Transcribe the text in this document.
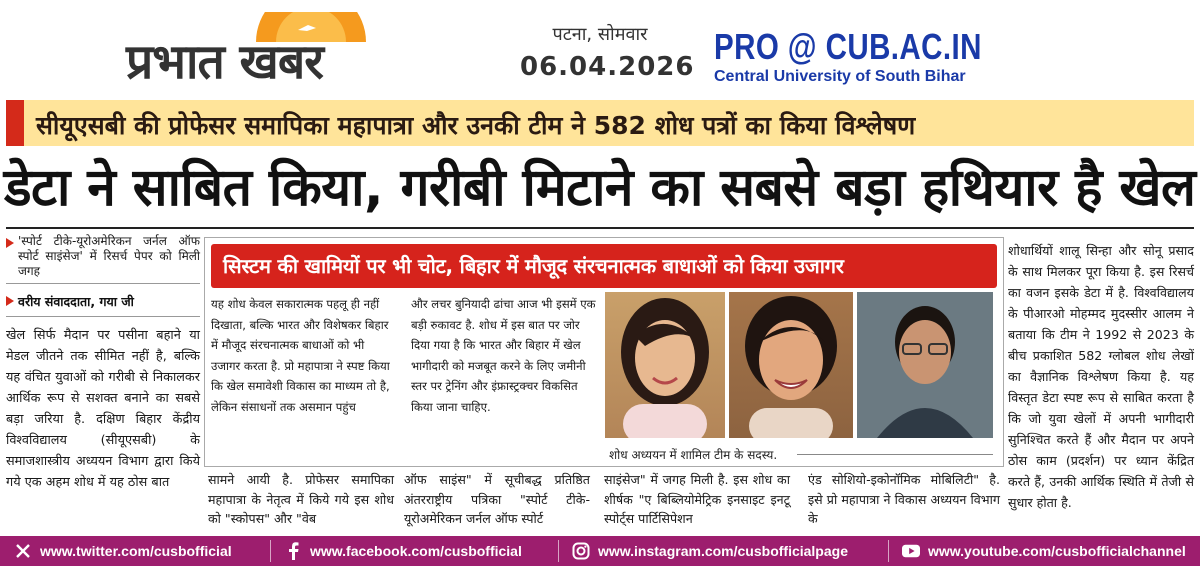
प्रभात खबर	पटना, सोमवार
06.04.2026 PRO @ CUB.AC.IN
Central University of South Bihar
सीयूएसबी की प्रोफेसर समापिका महापात्रा और उनकी टीम ने 582 शोध पत्रों का किया विश्लेषण
डेटा ने साबित किया, गरीबी मिटाने का सबसे बड़ा हथियार है खेल
'स्पोर्ट टीके-यूरोअमेरिकन जर्नल ऑफ स्पोर्ट साइंसेज' में रिसर्च पेपर को मिली जगह
वरीय संवाददाता, गया जी
खेल सिर्फ मैदान पर पसीना बहाने या मेडल जीतने तक सीमित नहीं है, बल्कि यह वंचित युवाओं को गरीबी से निकालकर आर्थिक रूप से सशक्त बनाने का सबसे बड़ा जरिया है. दक्षिण बिहार केंद्रीय विश्वविद्यालय (सीयूएसबी) के समाजशास्त्रीय अध्ययन विभाग द्वारा किये गये एक अहम शोध में यह ठोस बात
सिस्टम की खामियों पर भी चोट, बिहार में मौजूद संरचनात्मक बाधाओं को किया उजागर
यह शोध केवल सकारात्मक पहलू ही नहीं दिखाता, बल्कि भारत और विशेषकर बिहार में मौजूद संरचनात्मक बाधाओं को भी उजागर करता है. प्रो महापात्रा ने स्पष्ट किया कि खेल समावेशी विकास का माध्यम तो है, लेकिन संसाधनों तक असमान पहुंच
और लचर बुनियादी ढांचा आज भी इसमें एक बड़ी रुकावट है. शोध में इस बात पर जोर दिया गया है कि भारत और बिहार में खेल भागीदारी को मजबूत करने के लिए जमीनी स्तर पर ट्रेनिंग और इंफ्रास्ट्रक्चर विकसित किया जाना चाहिए.
शोध अध्ययन में शामिल टीम के सदस्य.
सामने आयी है. प्रोफेसर समापिका महापात्रा के नेतृत्व में किये गये इस शोध को "स्कोपस" और "वेब
ऑफ साइंस" में सूचीबद्ध प्रतिष्ठित अंतरराष्ट्रीय पत्रिका "स्पोर्ट टीके-यूरोअमेरिकन जर्नल ऑफ स्पोर्ट
साइंसेज" में जगह मिली है. इस शोध का शीर्षक "ए बिब्लियोमेट्रिक इनसाइट इनटू स्पोर्ट्स पार्टिसिपेशन
एंड सोशियो-इकोनॉमिक मोबिलिटी" है. इसे प्रो महापात्रा ने विकास अध्ययन विभाग के
शोधार्थियों शालू सिन्हा और सोनू प्रसाद के साथ मिलकर पूरा किया है. इस रिसर्च का वजन इसके डेटा में है. विश्वविद्यालय के पीआरओ मोहम्मद मुदस्सीर आलम ने बताया कि टीम ने 1992 से 2023 के बीच प्रकाशित 582 ग्लोबल शोध लेखों का वैज्ञानिक विश्लेषण किया है. यह विस्तृत डेटा स्पष्ट रूप से साबित करता है कि जो युवा खेलों में अपनी भागीदारी सुनिश्चित करते हैं और मैदान पर अपने ठोस काम (प्रदर्शन) पर ध्यान केंद्रित करते हैं, उनकी आर्थिक स्थिति में तेजी से सुधार होता है.
www.twitter.com/cusbofficial	www.facebook.com/cusbofficial	www.instagram.com/cusbofficialpage	www.youtube.com/cusbofficialchannel
